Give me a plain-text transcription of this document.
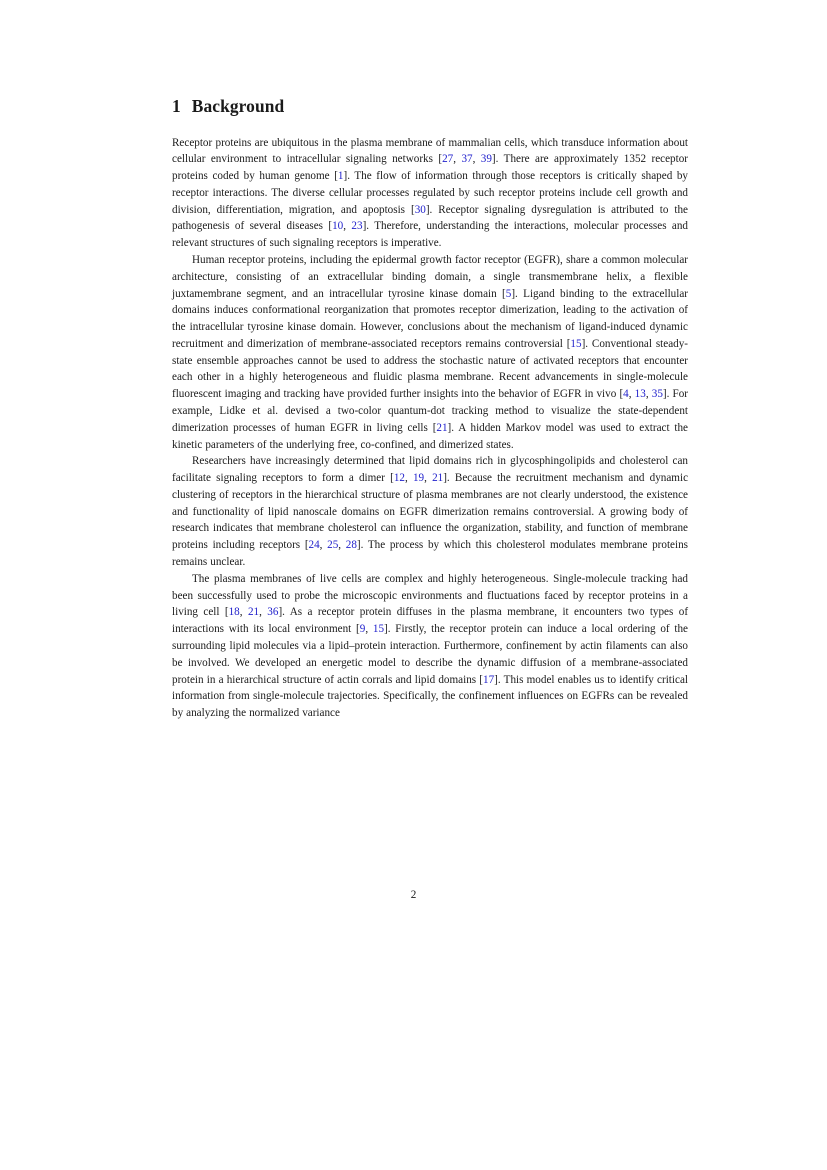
1 Background

Receptor proteins are ubiquitous in the plasma membrane of mammalian cells, which transduce information about cellular environment to intracellular signaling networks [27, 37, 39]. There are approximately 1352 receptor proteins coded by human genome [1]. The flow of information through those receptors is critically shaped by receptor interactions. The diverse cellular processes regulated by such receptor proteins include cell growth and division, differentiation, migration, and apoptosis [30]. Receptor signaling dysregulation is attributed to the pathogenesis of several diseases [10, 23]. Therefore, understanding the interactions, molecular processes and relevant structures of such signaling receptors is imperative.

Human receptor proteins, including the epidermal growth factor receptor (EGFR), share a common molecular architecture, consisting of an extracellular binding domain, a single transmembrane helix, a flexible juxtamembrane segment, and an intracellular tyrosine kinase domain [5]. Ligand binding to the extracellular domains induces conformational reorganization that promotes receptor dimerization, leading to the activation of the intracellular tyrosine kinase domain. However, conclusions about the mechanism of ligand-induced dynamic recruitment and dimerization of membrane-associated receptors remains controversial [15]. Conventional steady-state ensemble approaches cannot be used to address the stochastic nature of activated receptors that encounter each other in a highly heterogeneous and fluidic plasma membrane. Recent advancements in single-molecule fluorescent imaging and tracking have provided further insights into the behavior of EGFR in vivo [4, 13, 35]. For example, Lidke et al. devised a two-color quantum-dot tracking method to visualize the state-dependent dimerization processes of human EGFR in living cells [21]. A hidden Markov model was used to extract the kinetic parameters of the underlying free, co-confined, and dimerized states.

Researchers have increasingly determined that lipid domains rich in glycosphingolipids and cholesterol can facilitate signaling receptors to form a dimer [12, 19, 21]. Because the recruitment mechanism and dynamic clustering of receptors in the hierarchical structure of plasma membranes are not clearly understood, the existence and functionality of lipid nanoscale domains on EGFR dimerization remains controversial. A growing body of research indicates that membrane cholesterol can influence the organization, stability, and function of membrane proteins including receptors [24, 25, 28]. The process by which this cholesterol modulates membrane proteins remains unclear.

The plasma membranes of live cells are complex and highly heterogeneous. Single-molecule tracking had been successfully used to probe the microscopic environments and fluctuations faced by receptor proteins in a living cell [18, 21, 36]. As a receptor protein diffuses in the plasma membrane, it encounters two types of interactions with its local environment [9, 15]. Firstly, the receptor protein can induce a local ordering of the surrounding lipid molecules via a lipid–protein interaction. Furthermore, confinement by actin filaments can also be involved. We developed an energetic model to describe the dynamic diffusion of a membrane-associated protein in a hierarchical structure of actin corrals and lipid domains [17]. This model enables us to identify critical information from single-molecule trajectories. Specifically, the confinement influences on EGFRs can be revealed by analyzing the normalized variance

2
